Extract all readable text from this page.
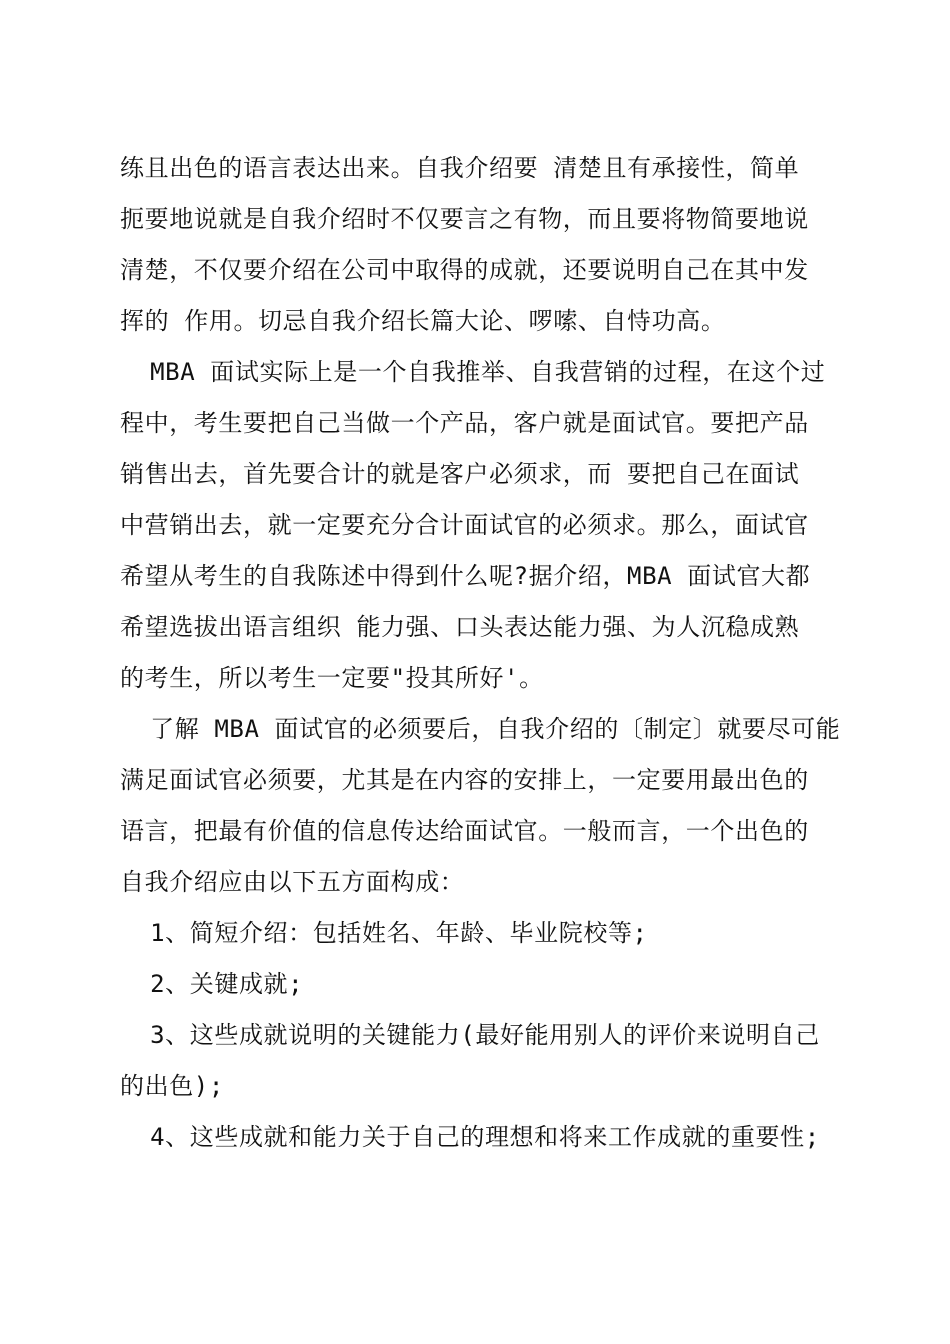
练且出色的语言表达出来。自我介绍要 清楚且有承接性，简单
扼要地说就是自我介绍时不仅要言之有物，而且要将物简要地说
清楚，不仅要介绍在公司中取得的成就，还要说明自己在其中发
挥的 作用。切忌自我介绍长篇大论、啰嗦、自恃功高。
MBA 面试实际上是一个自我推举、自我营销的过程，在这个过
程中，考生要把自己当做一个产品，客户就是面试官。要把产品
销售出去，首先要合计的就是客户必须求，而 要把自己在面试
中营销出去，就一定要充分合计面试官的必须求。那么，面试官
希望从考生的自我陈述中得到什么呢?据介绍，MBA 面试官大都
希望选拔出语言组织 能力强、口头表达能力强、为人沉稳成熟
的考生，所以考生一定要"投其所好'。
了解 MBA 面试官的必须要后，自我介绍的〔制定〕就要尽可能
满足面试官必须要，尤其是在内容的安排上，一定要用最出色的
语言，把最有价值的信息传达给面试官。一般而言，一个出色的
自我介绍应由以下五方面构成：
1、简短介绍：包括姓名、年龄、毕业院校等;
2、关键成就;
3、这些成就说明的关键能力(最好能用别人的评价来说明自己
的出色);
4、这些成就和能力关于自己的理想和将来工作成就的重要性;
